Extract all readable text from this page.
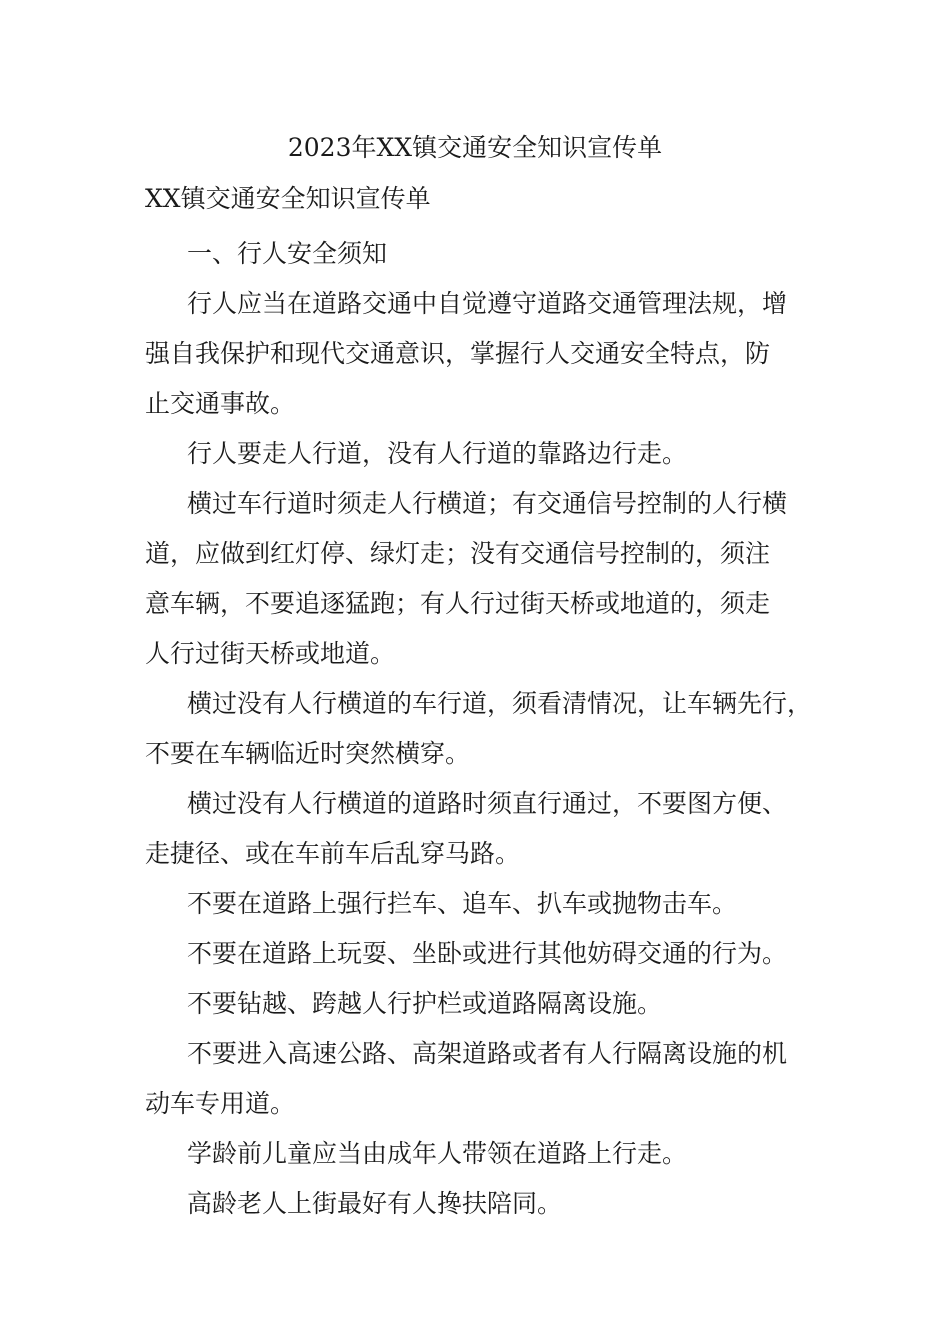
2023年XX镇交通安全知识宣传单
XX镇交通安全知识宣传单
一、行人安全须知

行人应当在道路交通中自觉遵守道路交通管理法规，增
强自我保护和现代交通意识，掌握行人交通安全特点，防
止交通事故。

行人要走人行道，没有人行道的靠路边行走。

横过车行道时须走人行横道；有交通信号控制的人行横
道，应做到红灯停、绿灯走；没有交通信号控制的，须注
意车辆，不要追逐猛跑；有人行过街天桥或地道的，须走
人行过街天桥或地道。

横过没有人行横道的车行道，须看清情况，让车辆先行，
不要在车辆临近时突然横穿。

横过没有人行横道的道路时须直行通过，不要图方便、
走捷径、或在车前车后乱穿马路。

不要在道路上强行拦车、追车、扒车或抛物击车。

不要在道路上玩耍、坐卧或进行其他妨碍交通的行为。

不要钻越、跨越人行护栏或道路隔离设施。

不要进入高速公路、高架道路或者有人行隔离设施的机
动车专用道。

学龄前儿童应当由成年人带领在道路上行走。

高龄老人上街最好有人搀扶陪同。
